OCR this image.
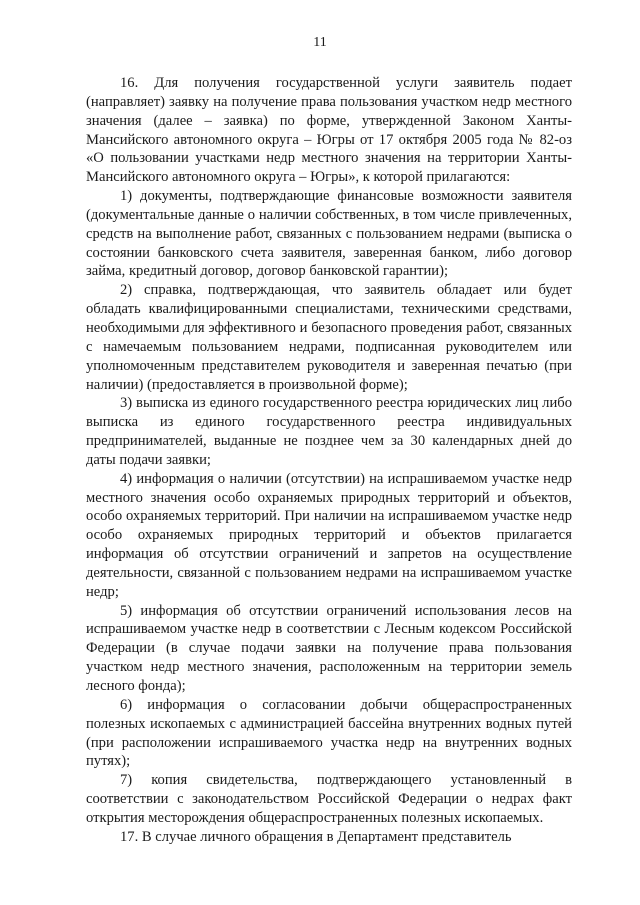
11

16. Для получения государственной услуги заявитель подает (направляет) заявку на получение права пользования участком недр местного значения (далее – заявка) по форме, утвержденной Законом Ханты-Мансийского автономного округа – Югры от 17 октября 2005 года № 82-оз «О пользовании участками недр местного значения на территории Ханты-Мансийского автономного округа – Югры», к которой прилагаются:

1) документы, подтверждающие финансовые возможности заявителя (документальные данные о наличии собственных, в том числе привлеченных, средств на выполнение работ, связанных с пользованием недрами (выписка о состоянии банковского счета заявителя, заверенная банком, либо договор займа, кредитный договор, договор банковской гарантии);

2) справка, подтверждающая, что заявитель обладает или будет обладать квалифицированными специалистами, техническими средствами, необходимыми для эффективного и безопасного проведения работ, связанных с намечаемым пользованием недрами, подписанная руководителем или уполномоченным представителем руководителя и заверенная печатью (при наличии) (предоставляется в произвольной форме);

3) выписка из единого государственного реестра юридических лиц либо выписка из единого государственного реестра индивидуальных предпринимателей, выданные не позднее чем за 30 календарных дней до даты подачи заявки;

4) информация о наличии (отсутствии) на испрашиваемом участке недр местного значения особо охраняемых природных территорий и объектов, особо охраняемых территорий. При наличии на испрашиваемом участке недр особо охраняемых природных территорий и объектов прилагается информация об отсутствии ограничений и запретов на осуществление деятельности, связанной с пользованием недрами на испрашиваемом участке недр;

5) информация об отсутствии ограничений использования лесов на испрашиваемом участке недр в соответствии с Лесным кодексом Российской Федерации (в случае подачи заявки на получение права пользования участком недр местного значения, расположенным на территории земель лесного фонда);

6) информация о согласовании добычи общераспространенных полезных ископаемых с администрацией бассейна внутренних водных путей (при расположении испрашиваемого участка недр на внутренних водных путях);

7) копия свидетельства, подтверждающего установленный в соответствии с законодательством Российской Федерации о недрах факт открытия месторождения общераспространенных полезных ископаемых.

17. В случае личного обращения в Департамент представитель
